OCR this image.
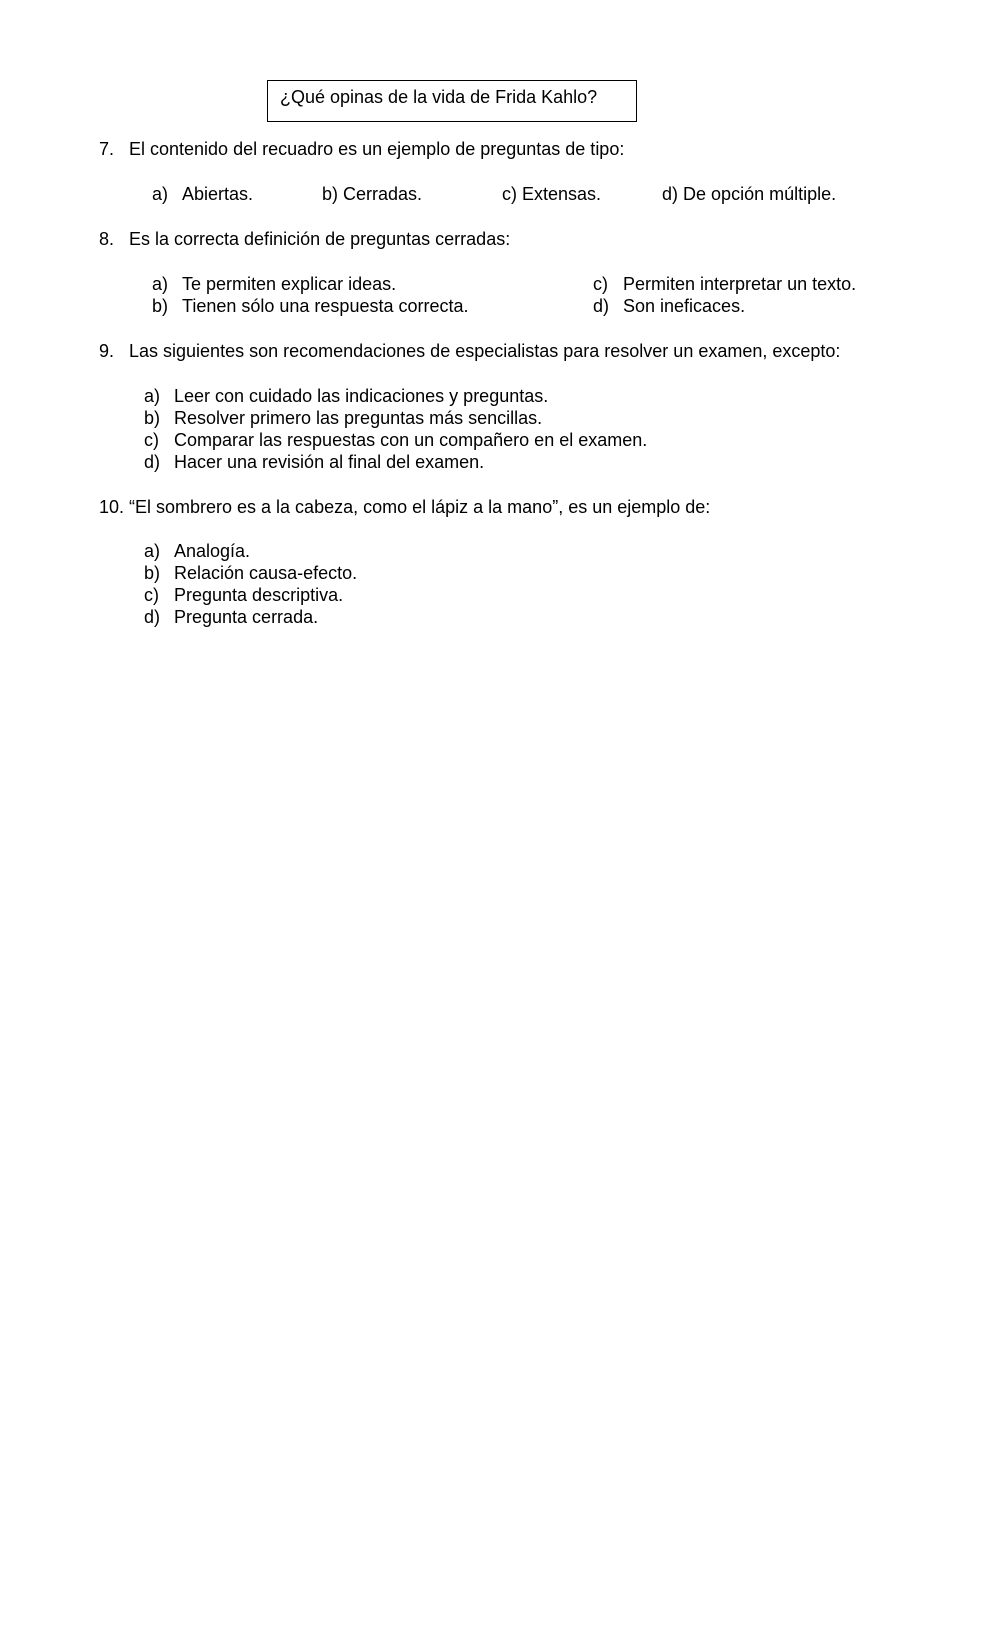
¿Qué opinas de la vida de Frida Kahlo?
7. El contenido del recuadro es un ejemplo de preguntas de tipo:
a) Abiertas.	b) Cerradas.	c) Extensas.	d) De opción múltiple.
8. Es la correcta definición de preguntas cerradas:
a) Te permiten explicar ideas.
b) Tienen sólo una respuesta correcta.
c) Permiten interpretar un texto.
d) Son ineficaces.
9. Las siguientes son recomendaciones de especialistas para resolver un examen, excepto:
a) Leer con cuidado las indicaciones y preguntas.
b) Resolver primero las preguntas más sencillas.
c) Comparar las respuestas con un compañero en el examen.
d) Hacer una revisión al final del examen.
10. “El sombrero es a la cabeza, como el lápiz a la mano”, es un ejemplo de:
a) Analogía.
b) Relación causa-efecto.
c) Pregunta descriptiva.
d) Pregunta cerrada.
